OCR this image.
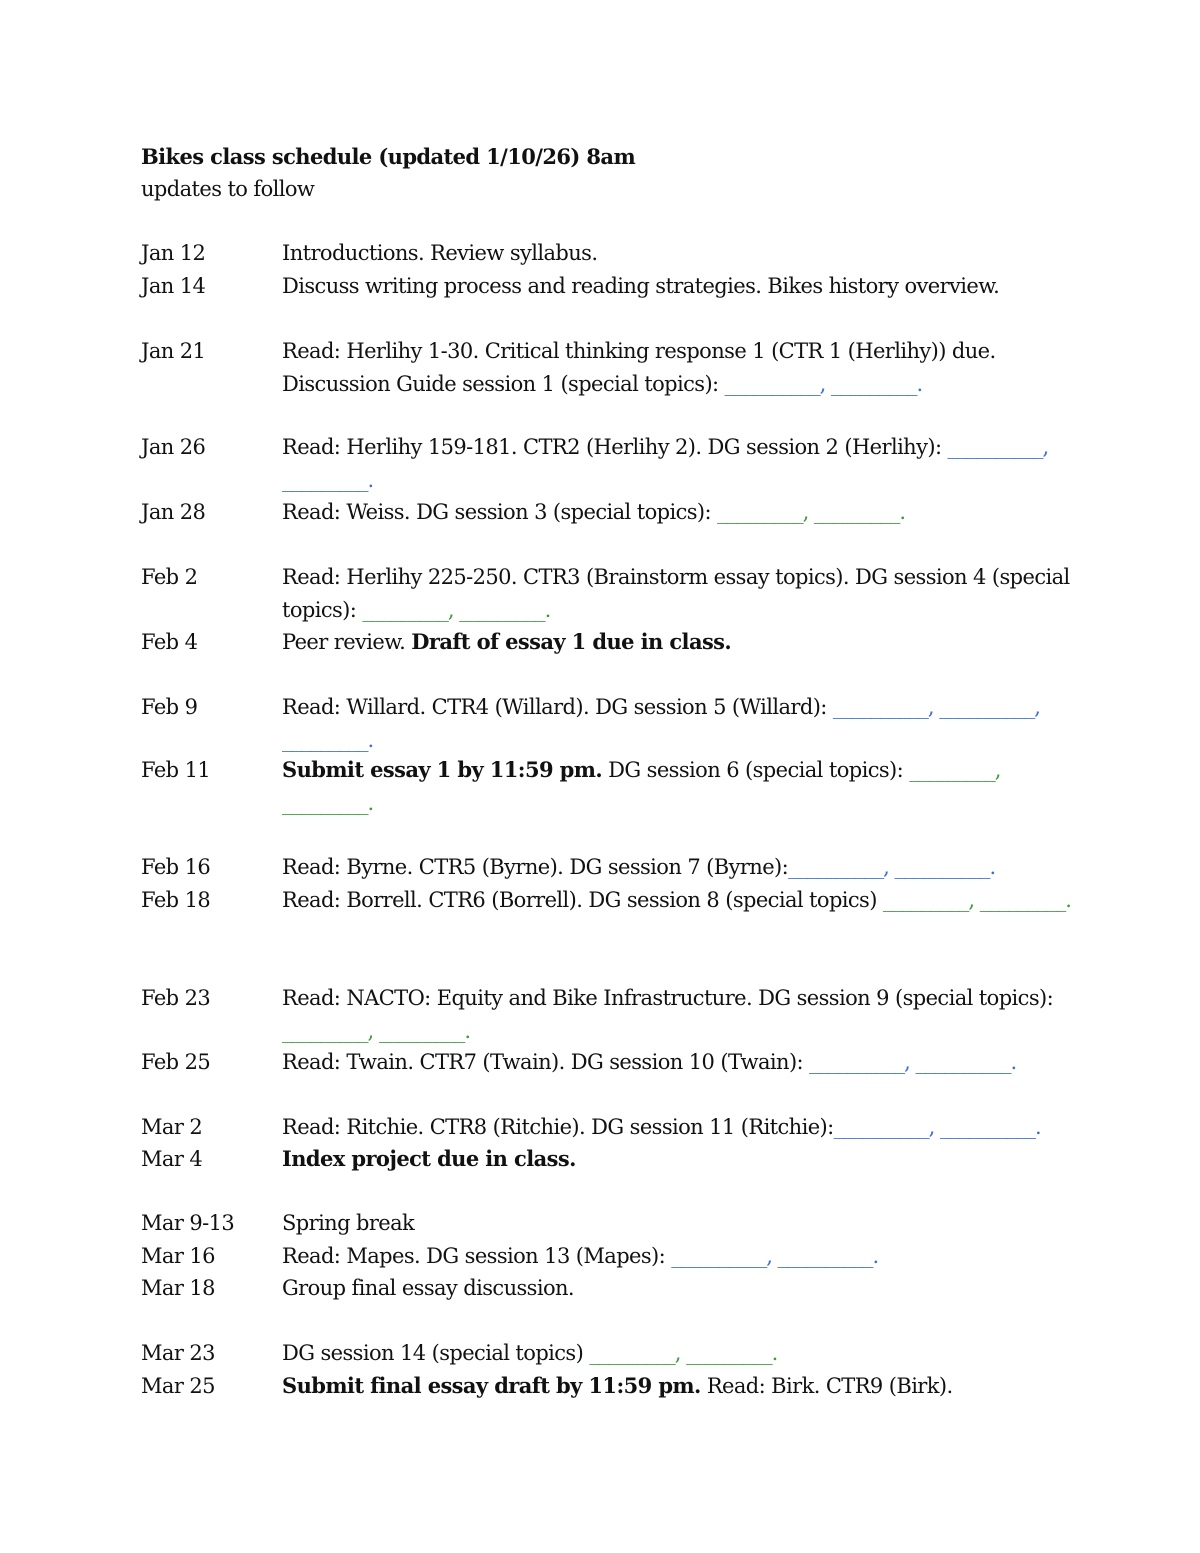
Bikes class schedule (updated 1/10/26) 8am
updates to follow
Jan 12	Introductions. Review syllabus.
Jan 14	Discuss writing process and reading strategies. Bikes history overview.
Jan 21	Read: Herlihy 1-30. Critical thinking response 1 (CTR 1 (Herlihy)) due. Discussion Guide session 1 (special topics): __________, _________.
Jan 26	Read: Herlihy 159-181. CTR2 (Herlihy 2). DG session 2 (Herlihy): __________, _________.
Jan 28	Read: Weiss. DG session 3 (special topics): _________, _________.
Feb 2	Read: Herlihy 225-250. CTR3 (Brainstorm essay topics). DG session 4 (special topics): _________, _________.
Feb 4	Peer review. Draft of essay 1 due in class.
Feb 9	Read: Willard. CTR4 (Willard). DG session 5 (Willard): __________, __________, _________.
Feb 11	Submit essay 1 by 11:59 pm. DG session 6 (special topics): _________, _________.
Feb 16	Read: Byrne. CTR5 (Byrne). DG session 7 (Byrne):__________, __________.
Feb 18	Read: Borrell. CTR6 (Borrell). DG session 8 (special topics) _________, _________.
Feb 23	Read: NACTO: Equity and Bike Infrastructure. DG session 9 (special topics): _________, _________.
Feb 25	Read: Twain. CTR7 (Twain). DG session 10 (Twain): __________, __________.
Mar 2	Read: Ritchie. CTR8 (Ritchie). DG session 11 (Ritchie):__________, __________.
Mar 4	Index project due in class.
Mar 9-13 Spring break
Mar 16	Read: Mapes. DG session 13 (Mapes): __________, __________.
Mar 18	Group final essay discussion.
Mar 23	DG session 14 (special topics) _________, _________.
Mar 25	Submit final essay draft by 11:59 pm. Read: Birk. CTR9 (Birk).
